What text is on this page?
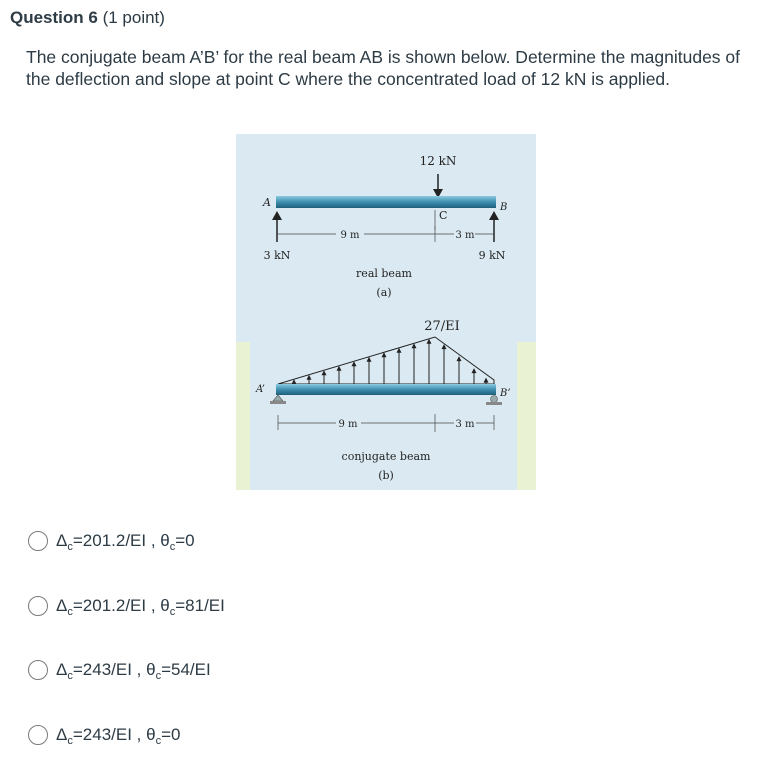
Question 6 (1 point)
The conjugate beam A’B’ for the real beam AB is shown below. Determine the magnitudes of the deflection and slope at point C where the concentrated load of 12 kN is applied.
12 kN
A	B
C
9 m	3 m
3 kN	9 kN
real beam
(a)
27/EI
A’	B’
9 m	3 m
conjugate beam
(b)
$\Delta_c=201.2/EI$ , $\theta_c=0$
$\Delta_c=201.2/EI$ , $\theta_c=81/EI$
$\Delta_c=243/EI$ , $\theta_c=54/EI$
$\Delta_c=243/EI$ , $\theta_c=0$
